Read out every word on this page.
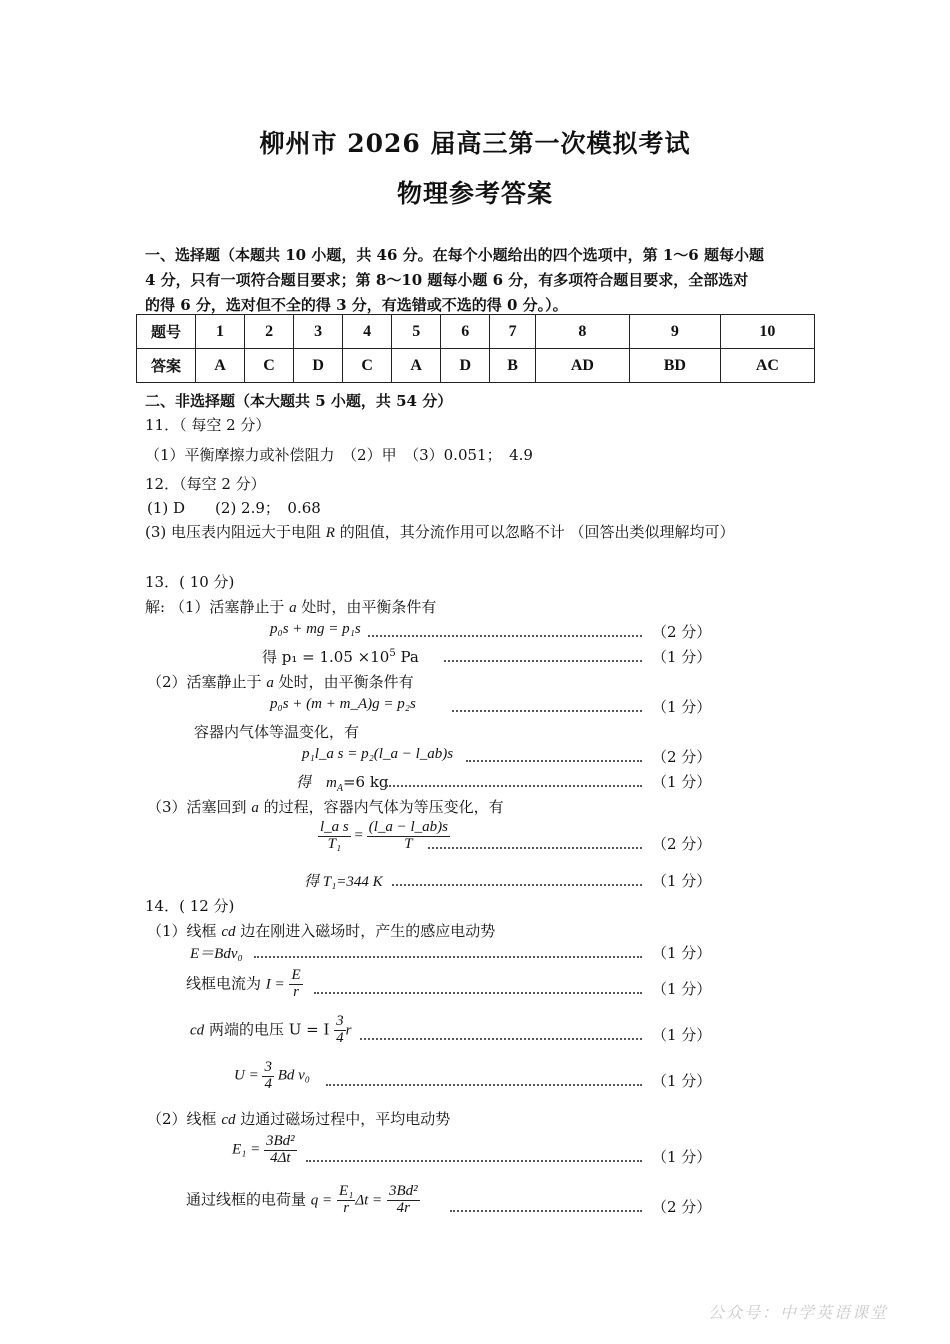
柳州市 2026 届高三第一次模拟考试
物理参考答案
一、选择题（本题共 10 小题，共 46 分。在每个小题给出的四个选项中，第 1～6 题每小题
4 分，只有一项符合题目要求；第 8～10 题每小题 6 分，有多项符合题目要求，全部选对
的得 6 分，选对但不全的得 3 分，有选错或不选的得 0 分。）。
题号	1	2	3	4	5	6	7	8	9	10
答案	A	C	D	C	A	D	B	AD	BD	AC
二、非选择题（本大题共 5 小题，共 54 分）
11．（ 每空 2 分）
（1）平衡摩擦力或补偿阻力　（2）甲　（3）0.051；　4.9
12．（每空 2 分）
(1) D　　(2) 2.9；　0.68
(3) 电压表内阻远大于电阻 R 的阻值，其分流作用可以忽略不计 （回答出类似理解均可）
13．( 10 分)
解: （1）活塞静止于 a 处时，由平衡条件有
p₀s + mg = p₁s	（2 分）
得 $p_1 = 1.05 \times 10^5$ Pa	（1 分）
（2）活塞静止于 a 处时，由平衡条件有
p₀s + (m + m_A)g = p₂s	（1 分）
容器内气体等温变化，有
p₁l_a s = p₂(l_a − l_ab)s	（2 分）
得　$m_A=6$ kg	（1 分）
（3）活塞回到 a 的过程，容器内气体为等压变化，有
$\frac{\text{l\_a s}}{\text{T₁}} = \frac{(l\_a - l\_ab)s}{T}$	（2 分）
得 T₁=344 K	（1 分）
14．( 12 分)
（1）线框 cd 边在刚进入磁场时，产生的感应电动势
E＝Bdv₀	（1 分）
线框电流为 $I = \frac{E}{r}$	（1 分）
cd 两端的电压 U = I $\frac{3}{4}$ r	（1 分）
$U = \frac{3}{4}$ Bd v₀	（1 分）
（2）线框 cd 边通过磁场过程中，平均电动势
$E_1 = \frac{\text{3Bd²}}{4\Delta t}$	（1 分）
通过线框的电荷量 $q = \frac{\text{E₁}}{r}$ $\Delta t = \frac{\text{3Bd²}}{4r}$	（2 分）
公众号：中学英语课堂
